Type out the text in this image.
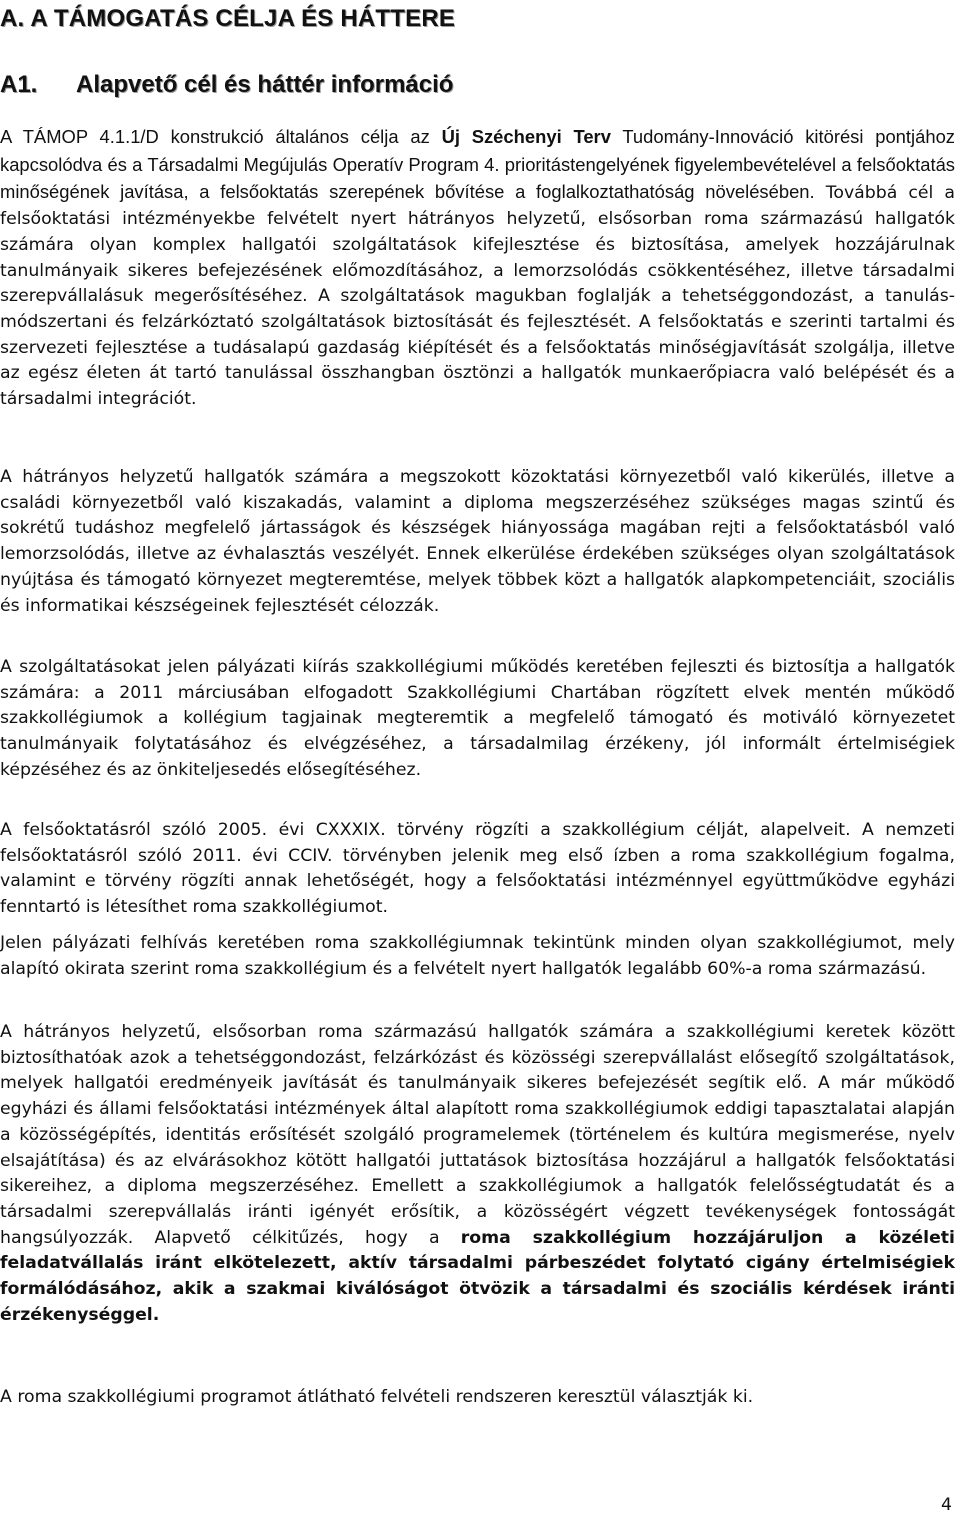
A. A TÁMOGATÁS CÉLJA ÉS HÁTTERE
A1. Alapvető cél és háttér információ

A TÁMOP 4.1.1/D konstrukció általános célja az Új Széchenyi Terv Tudomány-Innováció kitörési pontjához kapcsolódva és a Társadalmi Megújulás Operatív Program 4. prioritástengelyének figyelembevételével a felsőoktatás minőségének javítása, a felsőoktatás szerepének bővítése a foglalkoztathatóság növelésében. Továbbá cél a felsőoktatási intézményekbe felvételt nyert hátrányos helyzetű, elsősorban roma származású hallgatók számára olyan komplex hallgatói szolgáltatások kifejlesztése és biztosítása, amelyek hozzájárulnak tanulmányaik sikeres befejezésének előmozdításához, a lemorzsolódás csökkentéséhez, illetve társadalmi szerepvállalásuk megerősítéséhez. A szolgáltatások magukban foglalják a tehetséggondozást, a tanulás-módszertani és felzárkóztató szolgáltatások biztosítását és fejlesztését. A felsőoktatás e szerinti tartalmi és szervezeti fejlesztése a tudásalapú gazdaság kiépítését és a felsőoktatás minőségjavítását szolgálja, illetve az egész életen át tartó tanulással összhangban ösztönzi a hallgatók munkaerőpiacra való belépését és a társadalmi integrációt.

A hátrányos helyzetű hallgatók számára a megszokott közoktatási környezetből való kikerülés, illetve a családi környezetből való kiszakadás, valamint a diploma megszerzéséhez szükséges magas szintű és sokrétű tudáshoz megfelelő jártasságok és készségek hiányossága magában rejti a felsőoktatásból való lemorzsolódás, illetve az évhalasztás veszélyét. Ennek elkerülése érdekében szükséges olyan szolgáltatások nyújtása és támogató környezet megteremtése, melyek többek közt a hallgatók alapkompetenciáit, szociális és informatikai készségeinek fejlesztését célozzák.

A szolgáltatásokat jelen pályázati kiírás szakkollégiumi működés keretében fejleszti és biztosítja a hallgatók számára: a 2011 márciusában elfogadott Szakkollégiumi Chartában rögzített elvek mentén működő szakkollégiumok a kollégium tagjainak megteremtik a megfelelő támogató és motiváló környezetet tanulmányaik folytatásához és elvégzéséhez, a társadalmilag érzékeny, jól informált értelmiségiek képzéséhez és az önkiteljesedés elősegítéséhez.

A felsőoktatásról szóló 2005. évi CXXXIX. törvény rögzíti a szakkollégium célját, alapelveit. A nemzeti felsőoktatásról szóló 2011. évi CCIV. törvényben jelenik meg első ízben a roma szakkollégium fogalma, valamint e törvény rögzíti annak lehetőségét, hogy a felsőoktatási intézménnyel együttműködve egyházi fenntartó is létesíthet roma szakkollégiumot.

Jelen pályázati felhívás keretében roma szakkollégiumnak tekintünk minden olyan szakkollégiumot, mely alapító okirata szerint roma szakkollégium és a felvételt nyert hallgatók legalább 60%-a roma származású.

A hátrányos helyzetű, elsősorban roma származású hallgatók számára a szakkollégiumi keretek között biztosíthatóak azok a tehetséggondozást, felzárkózást és közösségi szerepvállalást elősegítő szolgáltatások, melyek hallgatói eredményeik javítását és tanulmányaik sikeres befejezését segítik elő. A már működő egyházi és állami felsőoktatási intézmények által alapított roma szakkollégiumok eddigi tapasztalatai alapján a közösségépítés, identitás erősítését szolgáló programelemek (történelem és kultúra megismerése, nyelv elsajátítása) és az elvárásokhoz kötött hallgatói juttatások biztosítása hozzájárul a hallgatók felsőoktatási sikereihez, a diploma megszerzéséhez. Emellett a szakkollégiumok a hallgatók felelősségtudatát és a társadalmi szerepvállalás iránti igényét erősítik, a közösségért végzett tevékenységek fontosságát hangsúlyozzák. Alapvető célkitűzés, hogy a roma szakkollégium hozzájáruljon a közéleti feladatvállalás iránt elkötelezett, aktív társadalmi párbeszédet folytató cigány értelmiségiek formálódásához, akik a szakmai kiválóságot ötvözik a társadalmi és szociális kérdések iránti érzékenységgel.

A roma szakkollégiumi programot átlátható felvételi rendszeren keresztül választják ki.

4
